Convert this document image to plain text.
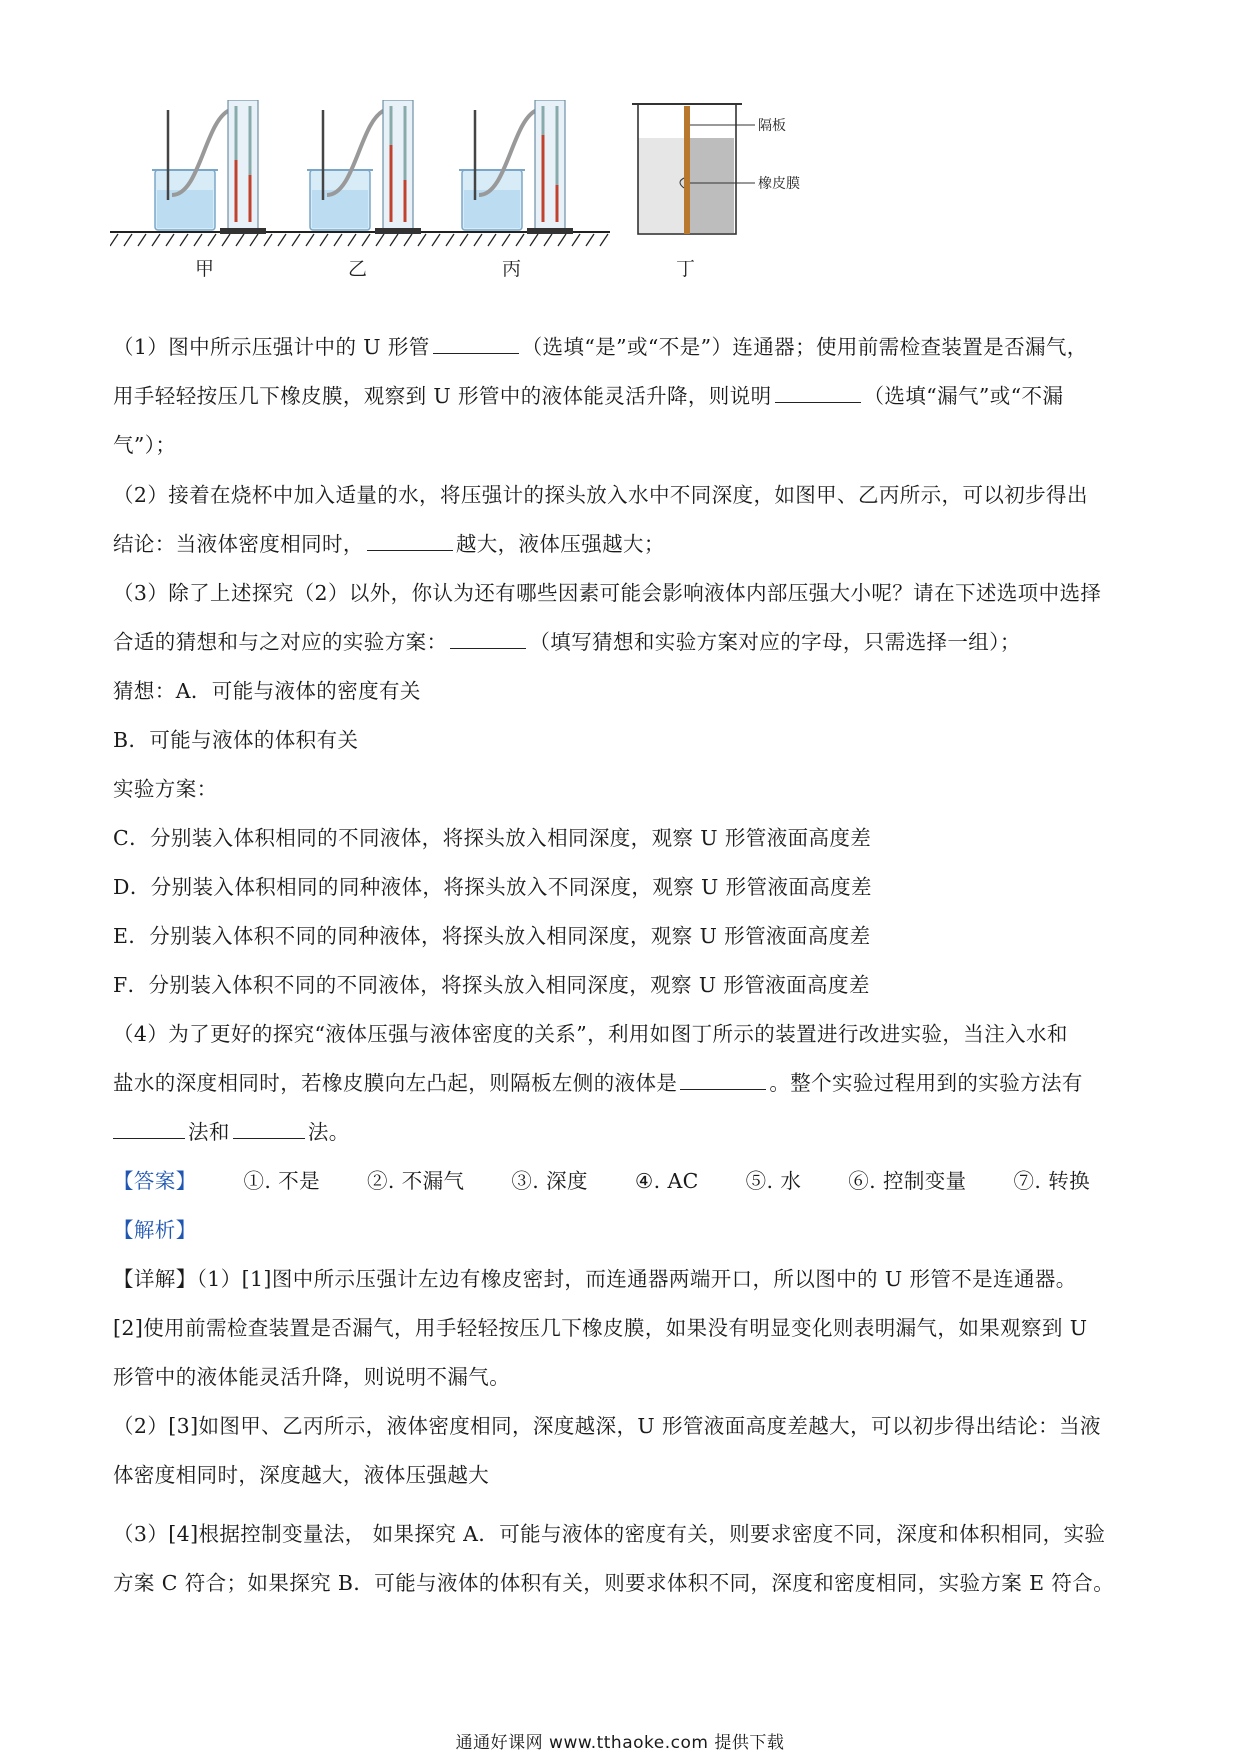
隔板
橡皮膜
甲	乙	丙	丁
（1）图中所示压强计中的 U 形管	（选填“是”或“不是”）连通器；使用前需检查装置是否漏气，
用手轻轻按压几下橡皮膜，观察到 U 形管中的液体能灵活升降，则说明	（选填“漏气”或“不漏
气”）；
（2）接着在烧杯中加入适量的水，将压强计的探头放入水中不同深度，如图甲、乙丙所示，可以初步得出
结论：当液体密度相同时，	越大，液体压强越大；
（3）除了上述探究（2）以外，你认为还有哪些因素可能会影响液体内部压强大小呢？请在下述选项中选择
合适的猜想和与之对应的实验方案：	（填写猜想和实验方案对应的字母，只需选择一组）；
猜想：A．可能与液体的密度有关
B．可能与液体的体积有关
实验方案：
C．分别装入体积相同的不同液体，将探头放入相同深度，观察 U 形管液面高度差
D．分别装入体积相同的同种液体，将探头放入不同深度，观察 U 形管液面高度差
E．分别装入体积不同的同种液体，将探头放入相同深度，观察 U 形管液面高度差
F．分别装入体积不同的不同液体，将探头放入相同深度，观察 U 形管液面高度差
（4）为了更好的探究“液体压强与液体密度的关系”，利用如图丁所示的装置进行改进实验，当注入水和
盐水的深度相同时，若橡皮膜向左凸起，则隔板左侧的液体是	。整个实验过程用到的实验方法有
法和	法。
【答案】 ①. 不是 ②. 不漏气 ③. 深度 ④. AC ⑤. 水 ⑥. 控制变量 ⑦. 转换
【解析】
【详解】（1）[1]图中所示压强计左边有橡皮密封，而连通器两端开口，所以图中的 U 形管不是连通器。
[2]使用前需检查装置是否漏气，用手轻轻按压几下橡皮膜，如果没有明显变化则表明漏气，如果观察到 U
形管中的液体能灵活升降，则说明不漏气。
（2）[3]如图甲、乙丙所示，液体密度相同，深度越深，U 形管液面高度差越大，可以初步得出结论：当液
体密度相同时，深度越大，液体压强越大
（3）[4]根据控制变量法， 如果探究 A．可能与液体的密度有关，则要求密度不同，深度和体积相同，实验
方案 C 符合；如果探究 B．可能与液体的体积有关，则要求体积不同，深度和密度相同，实验方案 E 符合。
通通好课网 www.tthaoke.com 提供下载
